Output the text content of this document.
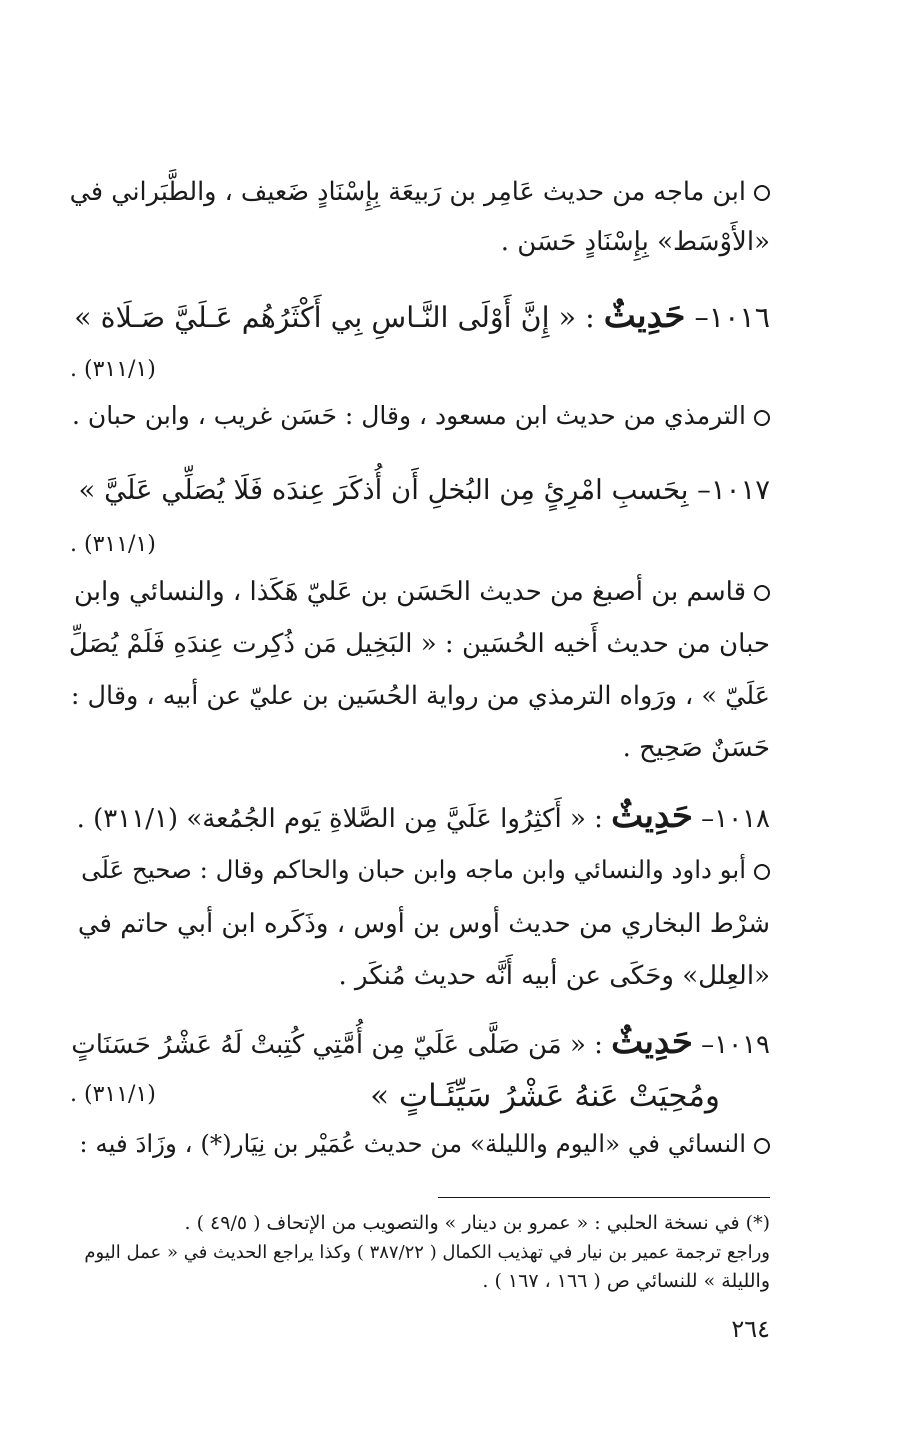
ابن ماجه من حديث عَامِر بن رَبيعَة بِإِسْنَادٍ ضَعيف ، والطَّبَراني في
«الأَوْسَط» بِإِسْنَادٍ حَسَن .
١٠١٦– حَدِيثٌ : « إِنَّ أَوْلَى النَّـاسِ بِي أَكْثَرُهُم عَـلَيَّ صَـلَاة »
(٣١١/١) .
الترمذي من حديث ابن مسعود ، وقال : حَسَن غريب ، وابن حبان .
١٠١٧– بِحَسبِ امْرِئٍ مِن البُخلِ أَن أُذكَرَ عِندَه فَلَا يُصَلِّي عَلَيَّ »
(٣١١/١) .
قاسم بن أصبغ من حديث الحَسَن بن عَليّ هَكَذا ، والنسائي وابن
حبان من حديث أَخيه الحُسَين : « البَخِيل مَن ذُكِرت عِندَهِ فَلَمْ يُصَلِّ
عَلَيّ » ، ورَواه الترمذي من رواية الحُسَين بن عليّ عن أبيه ، وقال :
حَسَنٌ صَحِيح .
١٠١٨– حَدِيثٌ : « أَكثِرُوا عَلَيَّ مِن الصَّلاةِ يَوم الجُمُعة» (٣١١/١) .
أبو داود والنسائي وابن ماجه وابن حبان والحاكم وقال : صحيح عَلَى
شرْط البخاري من حديث أوس بن أوس ، وذَكَره ابن أبي حاتم في
«العِلل» وحَكَى عن أبيه أَنَّه حديث مُنكَر .
١٠١٩– حَدِيثٌ : « مَن صَلَّى عَلَيّ مِن أُمَّتِي كُتِبتْ لَهُ عَشْرُ حَسَنَاتٍ
ومُحِيَتْ عَنهُ عَشْرُ سَيِّئَـاتٍ »
(٣١١/١) .
النسائي في «اليوم والليلة» من حديث عُمَيْر بن نِيَار(*) ، وزَادَ فيه :
(*) في نسخة الحلبي : « عمرو بن دينار » والتصويب من الإتحاف ( ٤٩/٥ ) .
وراجع ترجمة عمير بن نيار في تهذيب الكمال ( ٣٨٧/٢٢ ) وكذا يراجع الحديث في « عمل اليوم
والليلة » للنسائي ص ( ١٦٦ ، ١٦٧ ) .
٢٦٤
